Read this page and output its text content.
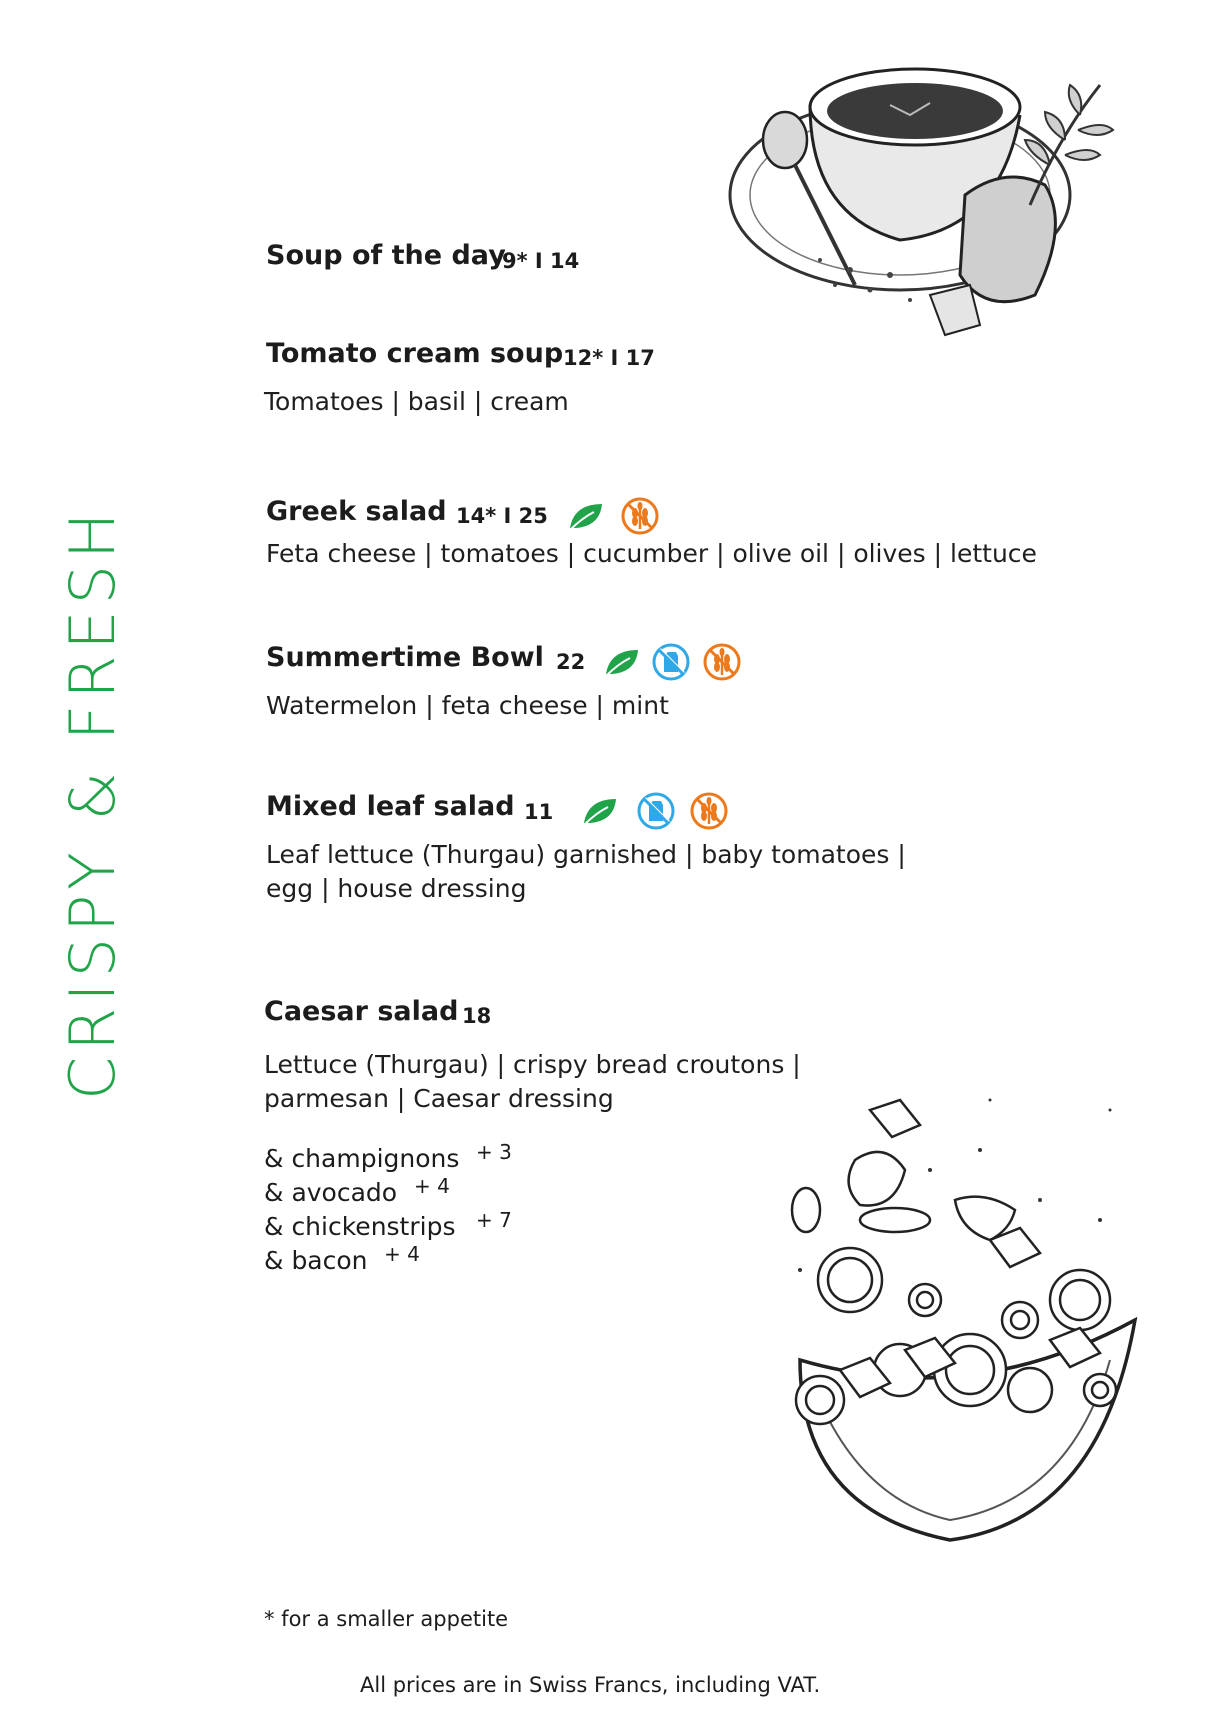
CRISPY & FRESH
Soup of the day
9* I 14
Tomato cream soup 12* I 17
Tomatoes | basil | cream
Greek salad 14* I 25
Feta cheese | tomatoes | cucumber | olive oil | olives | lettuce
Summertime Bowl 22
Watermelon | feta cheese | mint
Mixed leaf salad 11
Leaf lettuce (Thurgau) garnished | baby tomatoes |
egg | house dressing
Caesar salad 18
Lettuce (Thurgau) | crispy bread croutons |
parmesan | Caesar dressing
& champignons + 3
& avocado + 4
& chickenstrips + 7
& bacon + 4
* for a smaller appetite
All prices are in Swiss Francs, including VAT.
